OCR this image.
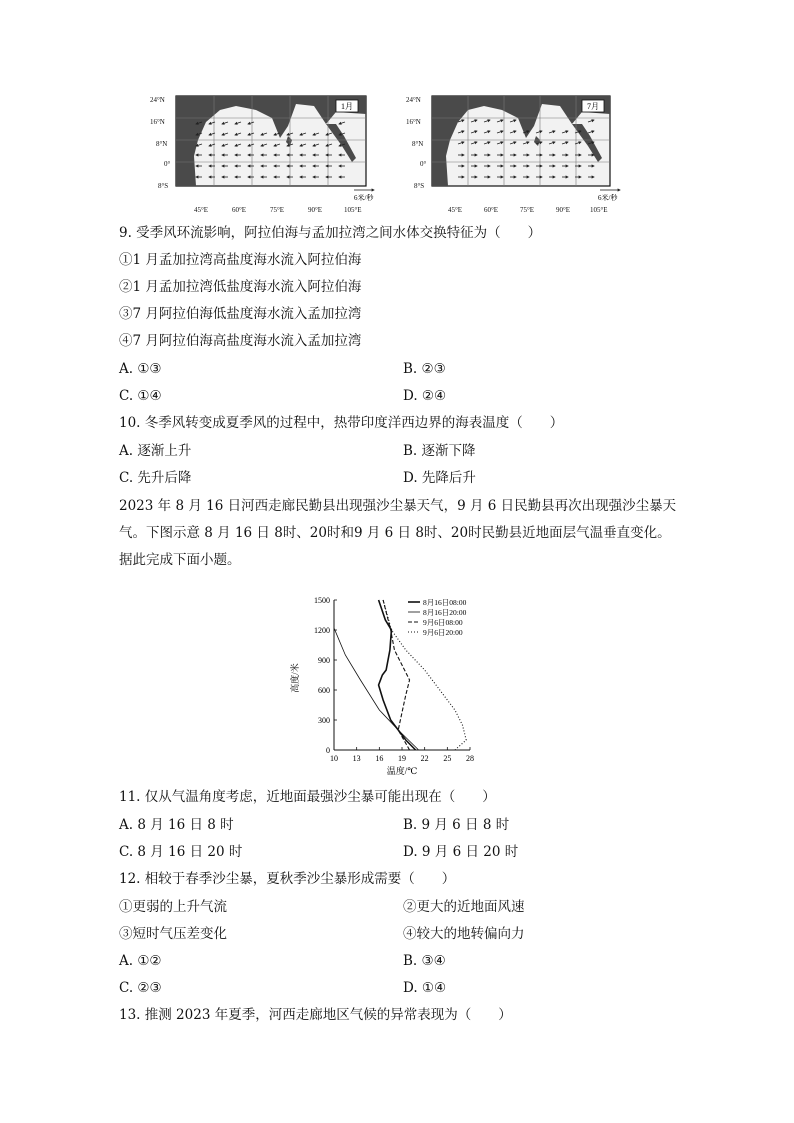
1月
24°N
16°N
8°N
0°
8°S
45°E	60°E	75°E	90°E	105°E
6米/秒
7月
24°N
16°N
8°N
0°
8°S
45°E	60°E	75°E	90°E	105°E
6米/秒
9. 受季风环流影响，阿拉伯海与孟加拉湾之间水体交换特征为（　　）
①1 月孟加拉湾高盐度海水流入阿拉伯海
②1 月孟加拉湾低盐度海水流入阿拉伯海
③7 月阿拉伯海低盐度海水流入孟加拉湾
④7 月阿拉伯海高盐度海水流入孟加拉湾
A. ①③	B. ②③
C. ①④	D. ②④
10. 冬季风转变成夏季风的过程中，热带印度洋西边界的海表温度（　　）
A. 逐渐上升	B. 逐渐下降
C. 先升后降	D. 先降后升
2023 年 8 月 16 日河西走廊民勤县出现强沙尘暴天气，9 月 6 日民勤县再次出现强沙尘暴天
气。下图示意 8 月 16 日 8时、20时和9 月 6 日 8时、20时民勤县近地面层气温垂直变化。
据此完成下面小题。
10 13 16 19 22 25 28
0
300
600
900
1200
1500	8月16日08:00
8月16日20:00
9月6日08:00
9月6日20:00
温度/℃
高度/米
11. 仅从气温角度考虑，近地面最强沙尘暴可能出现在（　　）
A. 8 月 16 日 8 时	B. 9 月 6 日 8 时
C. 8 月 16 日 20 时	D. 9 月 6 日 20 时
12. 相较于春季沙尘暴，夏秋季沙尘暴形成需要（　　）
①更弱的上升气流	②更大的近地面风速
③短时气压差变化	④较大的地转偏向力
A. ①②	B. ③④
C. ②③	D. ①④
13. 推测 2023 年夏季，河西走廊地区气候的异常表现为（　　）
